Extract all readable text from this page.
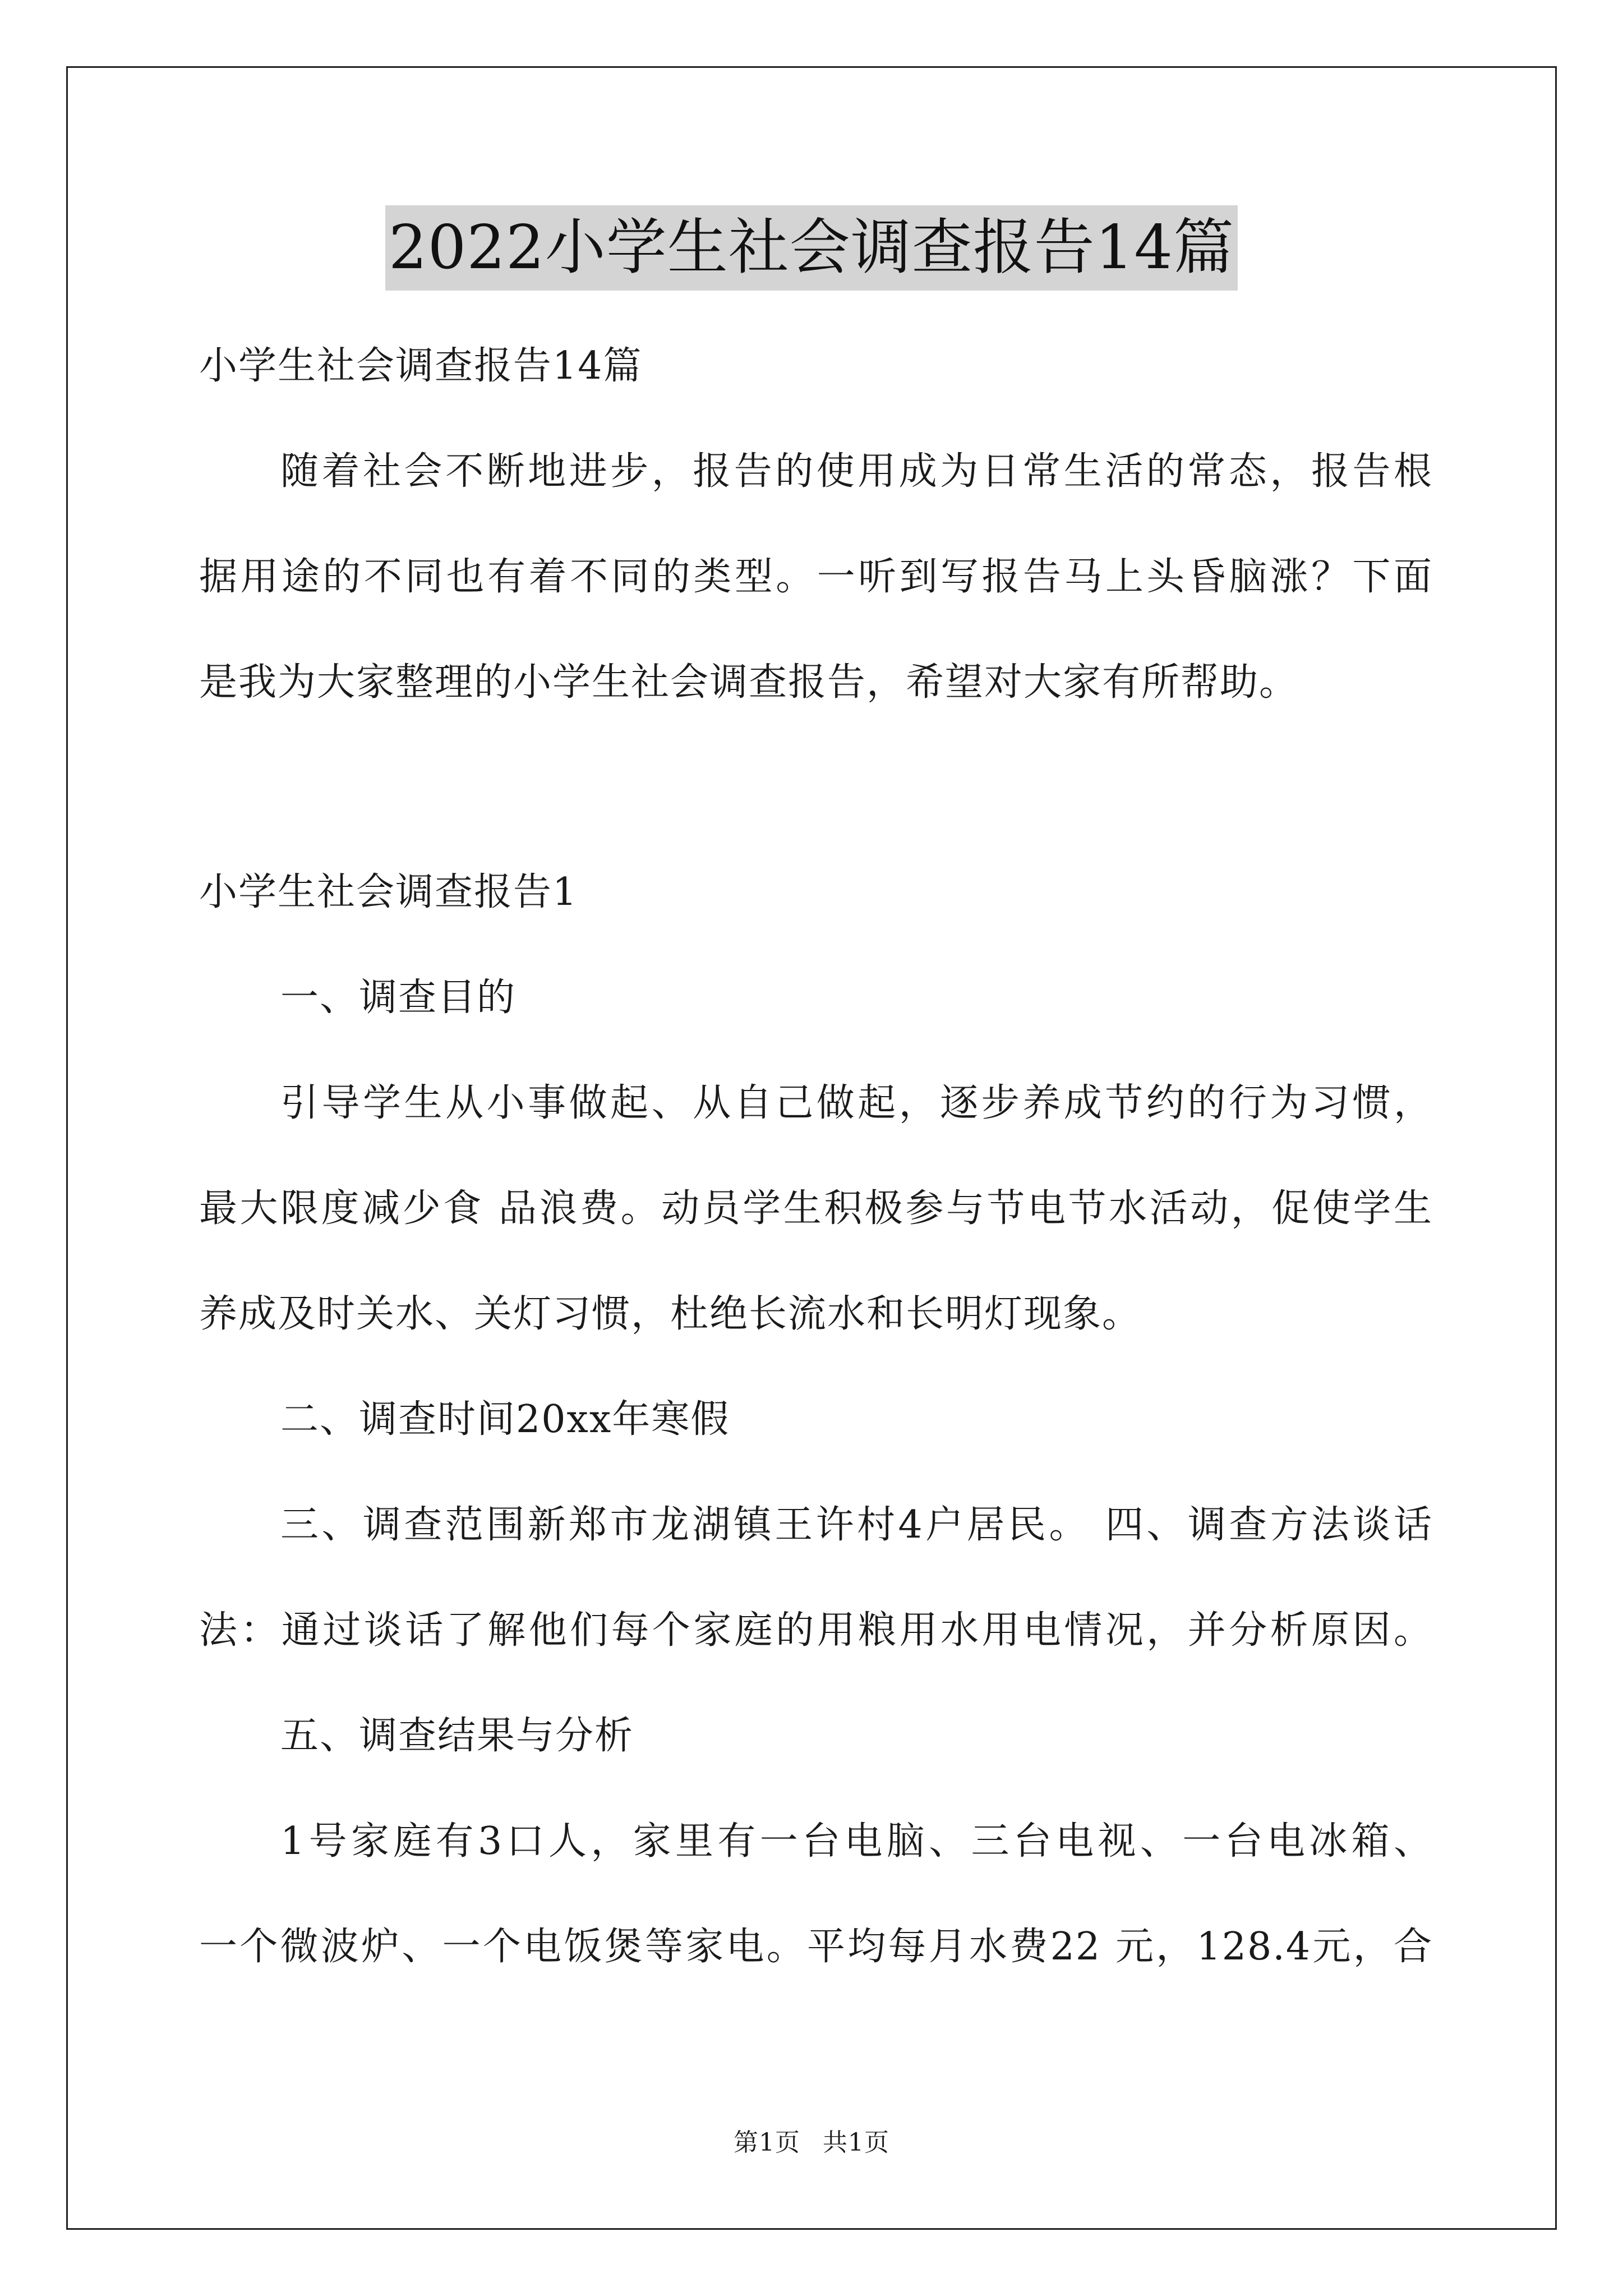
2022小学生社会调查报告14篇
小学生社会调查报告14篇
随着社会不断地进步，报告的使用成为日常生活的常态，报告根
据用途的不同也有着不同的类型。一听到写报告马上头昏脑涨？下面
是我为大家整理的小学生社会调查报告，希望对大家有所帮助。
小学生社会调查报告1
一、调查目的
引导学生从小事做起、从自己做起，逐步养成节约的行为习惯，
最大限度减少食 品浪费。动员学生积极参与节电节水活动，促使学生
养成及时关水、关灯习惯，杜绝长流水和长明灯现象。
二、调查时间20xx年寒假
三、调查范围新郑市龙湖镇王许村4户居民。 四、调查方法谈话
法：通过谈话了解他们每个家庭的用粮用水用电情况，并分析原因。
五、调查结果与分析
1号家庭有3口人，家里有一台电脑、三台电视、一台电冰箱、
一个微波炉、一个电饭煲等家电。平均每月水费22 元，128.4元，合
第1页 共1页
